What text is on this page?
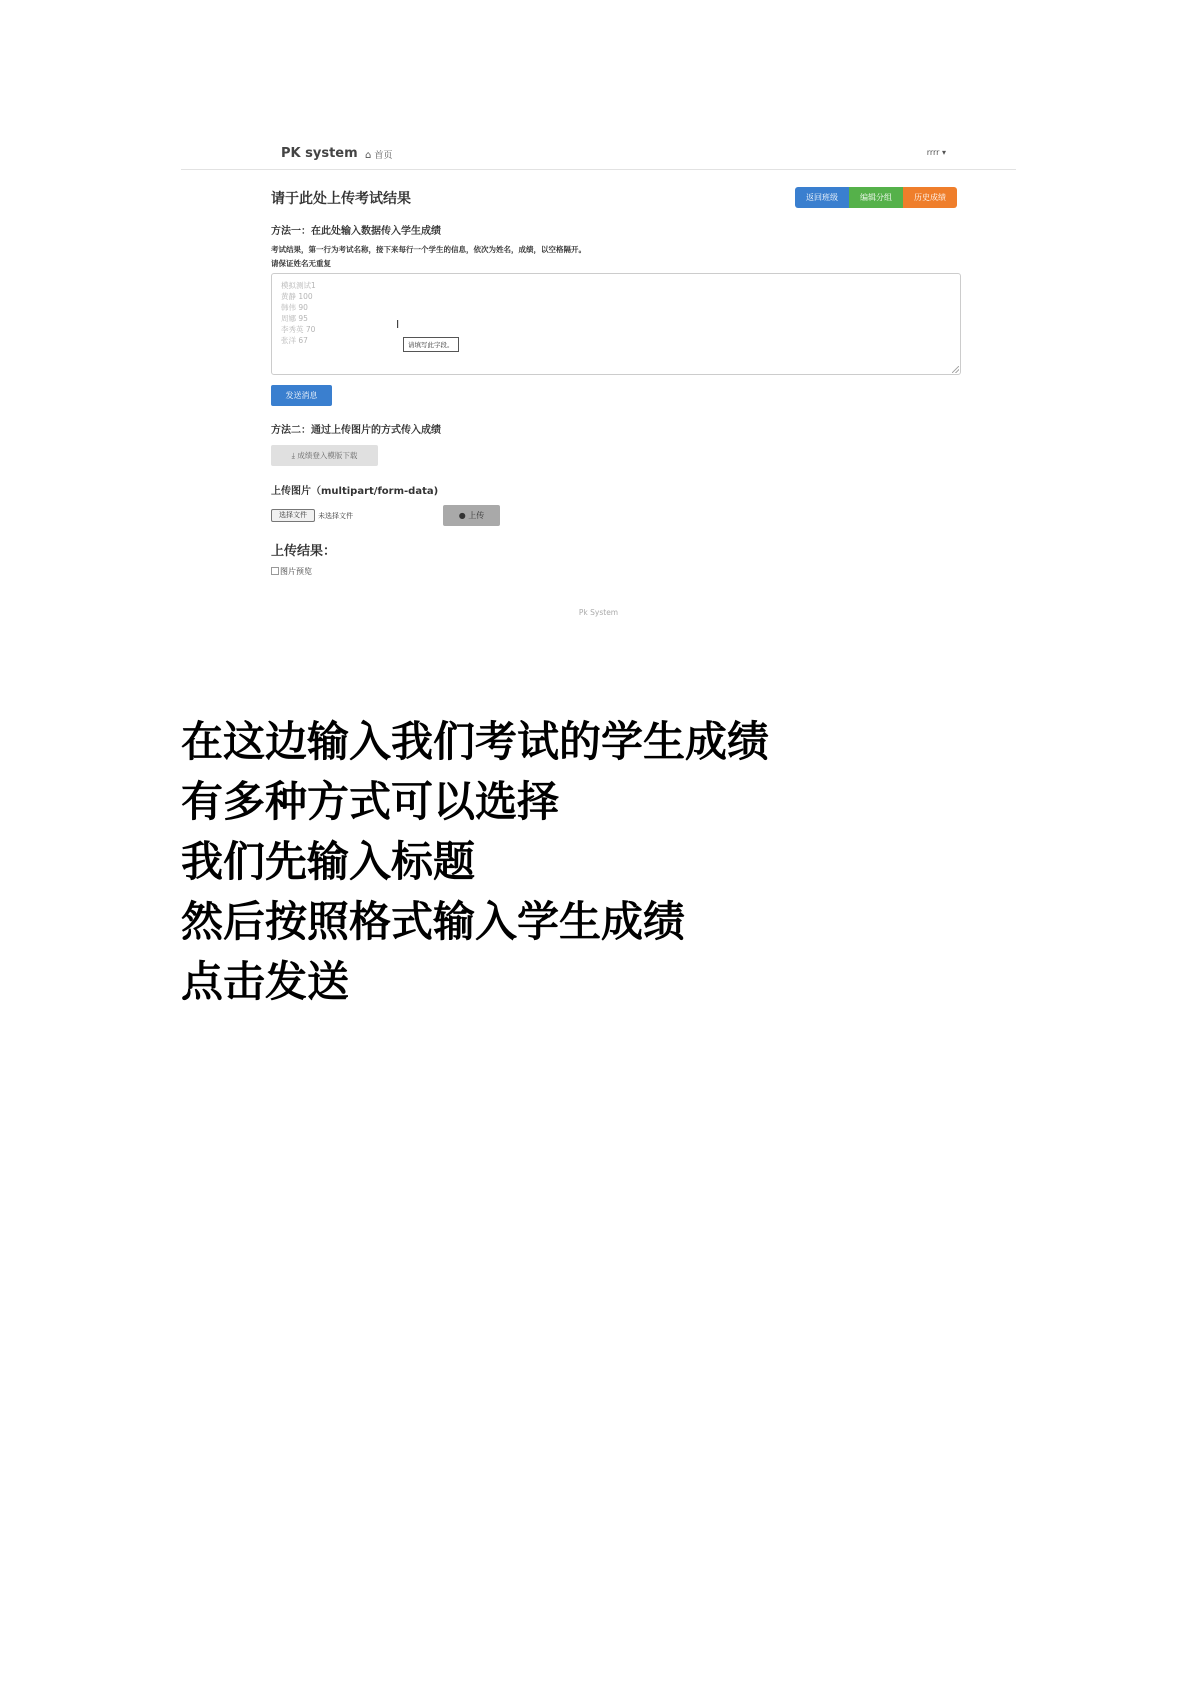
PK system ⌂ 首页	rrrr ▾
请于此处上传考试结果	返回班级	编辑分组	历史成绩
方法一：在此处输入数据传入学生成绩
考试结果，第一行为考试名称，接下来每行一个学生的信息，依次为姓名，成绩，以空格隔开。
请保证姓名无重复
模拟测试1
黄静 100
韩伟 90
周娜 95
李秀英 70
张洋 67
I
请填写此字段。
发送消息
方法二：通过上传图片的方式传入成绩
⤓ 成绩登入模版下载
上传图片（multipart/form-data)
选择文件	未选择文件	● 上传
上传结果：
图片预览
Pk System
在这边输入我们考试的学生成绩
有多种方式可以选择
我们先输入标题
然后按照格式输入学生成绩
点击发送
